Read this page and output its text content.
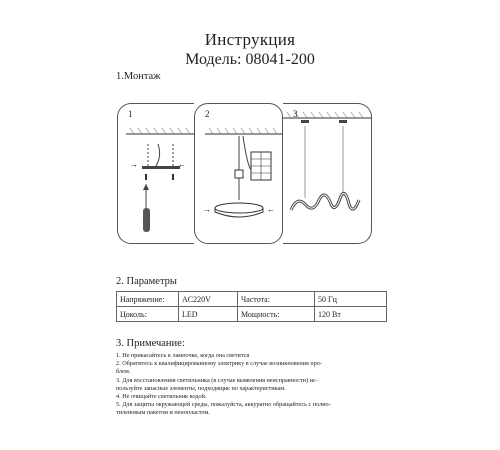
Инструкция
Модель: 08041-200
1.Монтаж
→	←
1
→	←
2	3
2. Параметры
Напряжение:	AC220V	Частота:	50 Гц
Цоколь:	LED	Мощность:	120 Вт
3. Примечание:
1. Не прикасайтесь к лампочке, когда она светится
2. Обратитесь к квалифицированному электрику в случае возникновения про-
блем.
3. Для восстановления светильника (в случае выявления неисправности) ис-
пользуйте запасные элементы, подходящие по характеристикам.
4. Не очищайте светильник водой.
5. Для защиты окружающей среды, пожалуйста, аккуратно обращайтесь с полио-
тиленовым пакетом и пенопластом.
